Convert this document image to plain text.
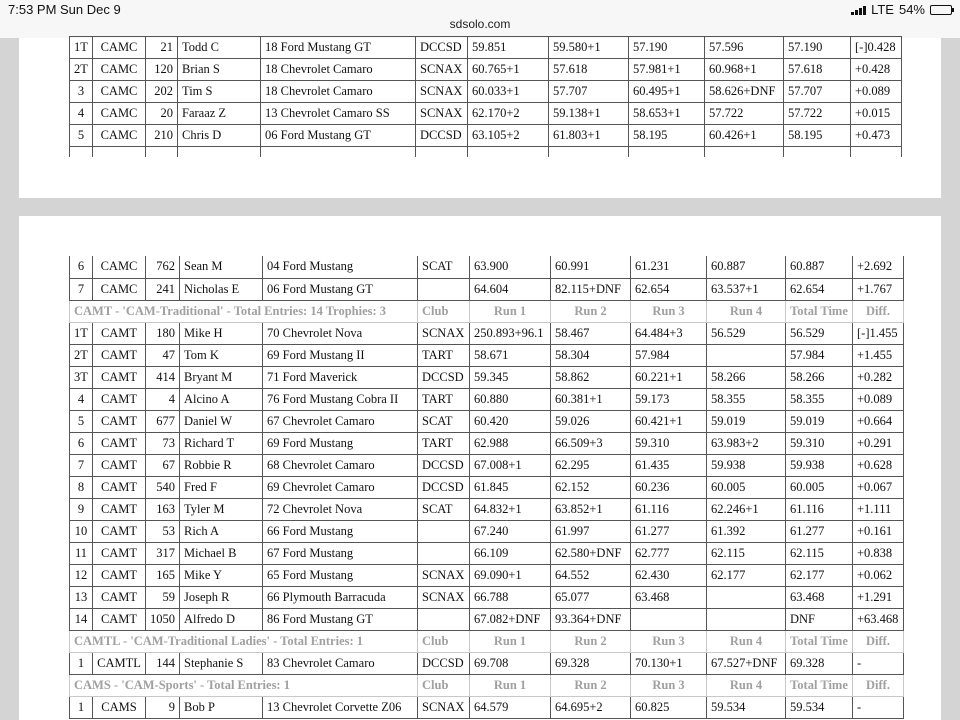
7:53 PM Sun Dec 9
sdsolo.com
LTE 54%
1T	CAMC	21	Todd C	18 Ford Mustang GT	DCCSD	59.851	59.580+1	57.190	57.596	57.190	[-]0.428
2T	CAMC	120	Brian S	18 Chevrolet Camaro	SCNAX	60.765+1	57.618	57.981+1	60.968+1	57.618	+0.428
3	CAMC	202	Tim S	18 Chevrolet Camaro	SCNAX	60.033+1	57.707	60.495+1	58.626+DNF	57.707	+0.089
4	CAMC	20	Faraaz Z	13 Chevrolet Camaro SS	SCNAX	62.170+2	59.138+1	58.653+1	57.722	57.722	+0.015
5	CAMC	210	Chris D	06 Ford Mustang GT	DCCSD	63.105+2	61.803+1	58.195	60.426+1	58.195	+0.473

6	CAMC	762	Sean M	04 Ford Mustang	SCAT	63.900	60.991	61.231	60.887	60.887	+2.692
7	CAMC	241	Nicholas E	06 Ford Mustang GT		64.604	82.115+DNF	62.654	63.537+1	62.654	+1.767
CAMT - 'CAM-Traditional' - Total Entries: 14 Trophies: 3					Club	Run 1	Run 2	Run 3	Run 4	Total Time	Diff.
1T	CAMT	180	Mike H	70 Chevrolet Nova	SCNAX	250.893+96.1	58.467	64.484+3	56.529	56.529	[-]1.455
2T	CAMT	47	Tom K	69 Ford Mustang II	TART	58.671	58.304	57.984		57.984	+1.455
3T	CAMT	414	Bryant M	71 Ford Maverick	DCCSD	59.345	58.862	60.221+1	58.266	58.266	+0.282
4	CAMT	4	Alcino A	76 Ford Mustang Cobra II	TART	60.880	60.381+1	59.173	58.355	58.355	+0.089
5	CAMT	677	Daniel W	67 Chevrolet Camaro	SCAT	60.420	59.026	60.421+1	59.019	59.019	+0.664
6	CAMT	73	Richard T	69 Ford Mustang	TART	62.988	66.509+3	59.310	63.983+2	59.310	+0.291
7	CAMT	67	Robbie R	68 Chevrolet Camaro	DCCSD	67.008+1	62.295	61.435	59.938	59.938	+0.628
8	CAMT	540	Fred F	69 Chevrolet Camaro	DCCSD	61.845	62.152	60.236	60.005	60.005	+0.067
9	CAMT	163	Tyler M	72 Chevrolet Nova	SCAT	64.832+1	63.852+1	61.116	62.246+1	61.116	+1.111
10	CAMT	53	Rich A	66 Ford Mustang		67.240	61.997	61.277	61.392	61.277	+0.161
11	CAMT	317	Michael B	67 Ford Mustang		66.109	62.580+DNF	62.777	62.115	62.115	+0.838
12	CAMT	165	Mike Y	65 Ford Mustang	SCNAX	69.090+1	64.552	62.430	62.177	62.177	+0.062
13	CAMT	59	Joseph R	66 Plymouth Barracuda	SCNAX	66.788	65.077	63.468		63.468	+1.291
14	CAMT	1050	Alfredo D	86 Ford Mustang GT		67.082+DNF	93.364+DNF			DNF	+63.468
CAMTL - 'CAM-Traditional Ladies' - Total Entries: 1					Club	Run 1	Run 2	Run 3	Run 4	Total Time	Diff.
1	CAMTL	144	Stephanie S	83 Chevrolet Camaro	DCCSD	69.708	69.328	70.130+1	67.527+DNF	69.328	-
CAMS - 'CAM-Sports' - Total Entries: 1					Club	Run 1	Run 2	Run 3	Run 4	Total Time	Diff.
1	CAMS	9	Bob P	13 Chevrolet Corvette Z06	SCNAX	64.579	64.695+2	60.825	59.534	59.534	-
